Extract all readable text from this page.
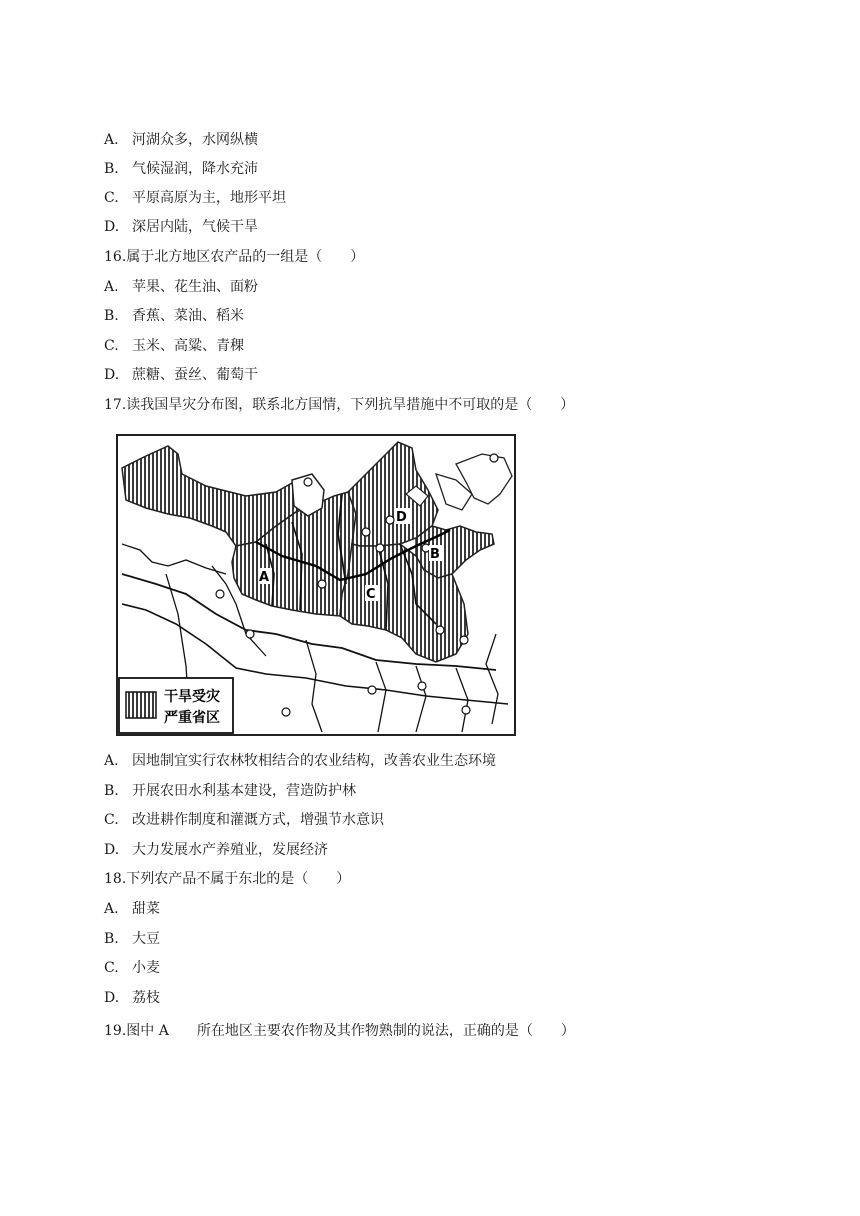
A. 河湖众多，水网纵横
B. 气候湿润，降水充沛
C. 平原高原为主，地形平坦
D. 深居内陆，气候干旱
16.属于北方地区农产品的一组是（　　）
A. 苹果、花生油、面粉
B. 香蕉、菜油、稻米
C. 玉米、高粱、青稞
D. 蔗糖、蚕丝、葡萄干
17.读我国旱灾分布图，联系北方国情，下列抗旱措施中不可取的是（　　）
A
B
C
D
干旱受灾
严重省区
A. 因地制宜实行农林牧相结合的农业结构，改善农业生态环境
B. 开展农田水利基本建设，营造防护林
C. 改进耕作制度和灌溉方式，增强节水意识
D. 大力发展水产养殖业，发展经济
18.下列农产品不属于东北的是（　　）
A. 甜菜
B. 大豆
C. 小麦
D. 荔枝
19.图中 A　　所在地区主要农作物及其作物熟制的说法，正确的是（　　）
